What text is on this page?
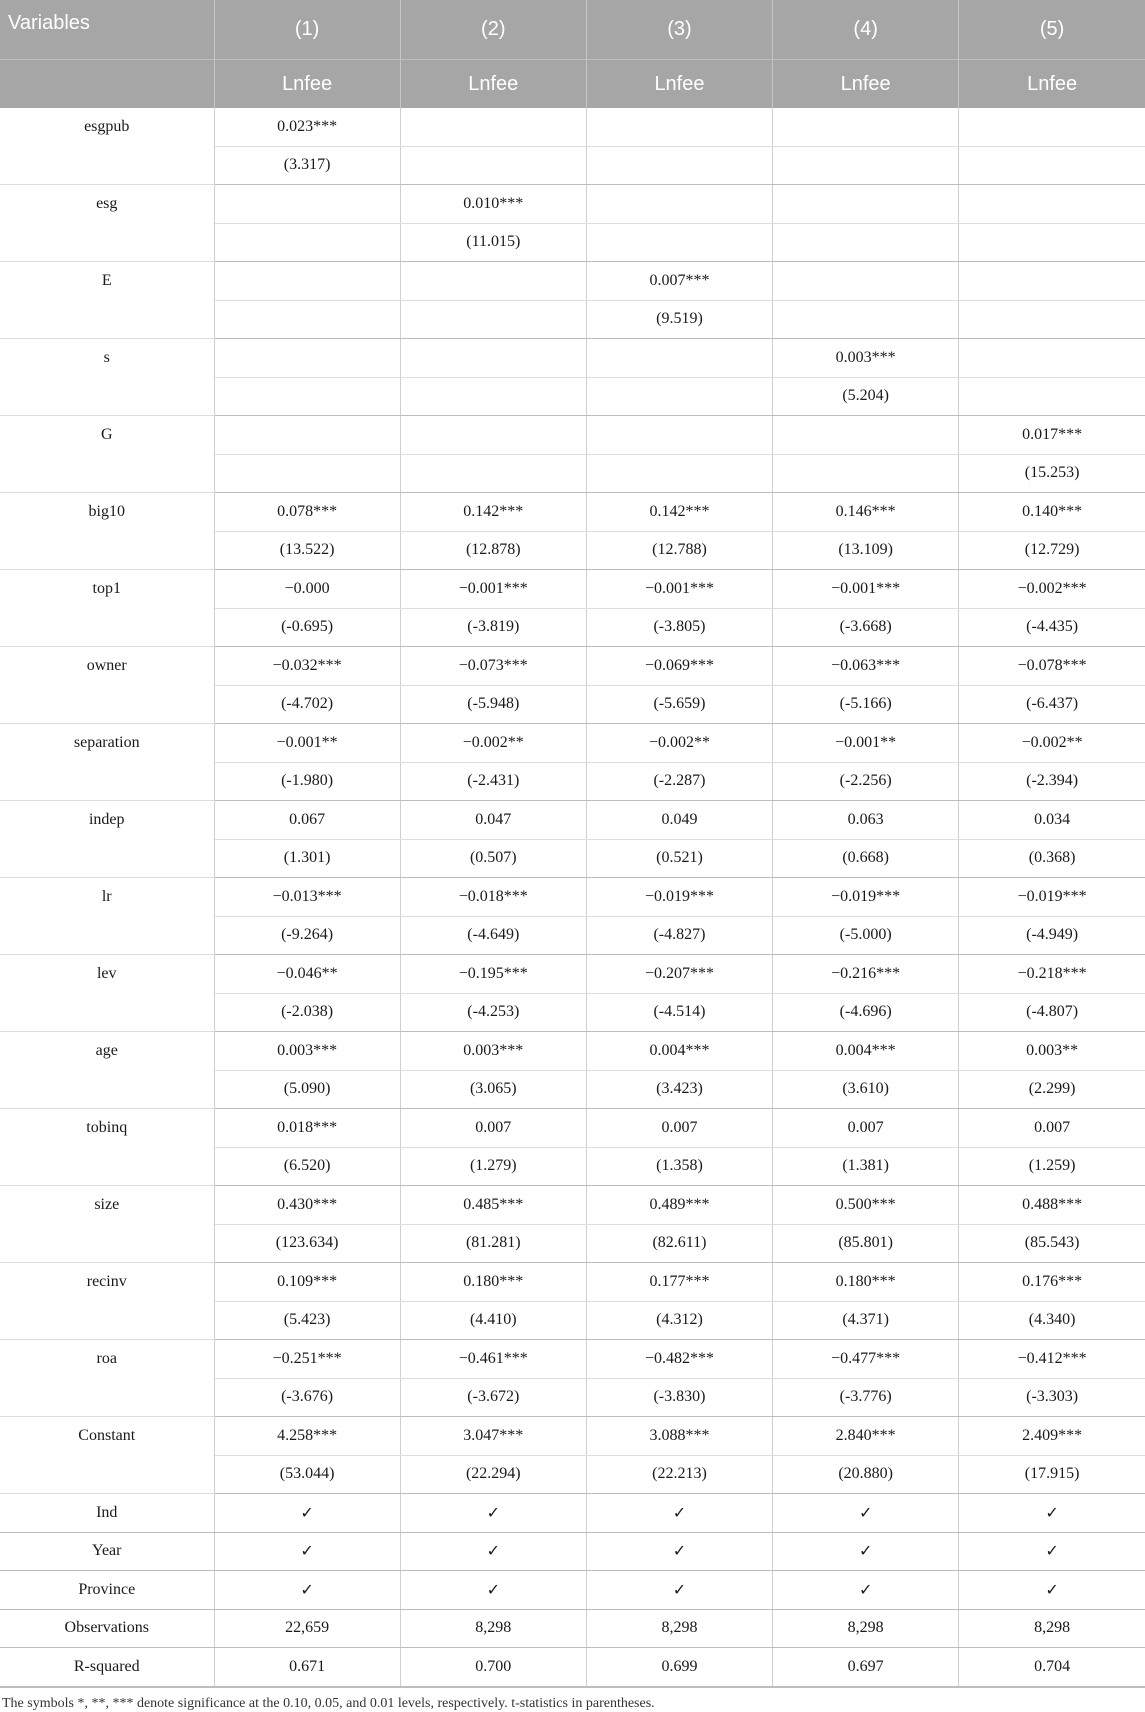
Variables	(1)	(2)	(3)	(4)	(5)
	Lnfee	Lnfee	Lnfee	Lnfee	Lnfee
esgpub	0.023***				
	(3.317)				
esg		0.010***			
		(11.015)			
E			0.007***		
			(9.519)		
s				0.003***	
				(5.204)	
G					0.017***
					(15.253)
big10	0.078***	0.142***	0.142***	0.146***	0.140***
	(13.522)	(12.878)	(12.788)	(13.109)	(12.729)
top1	−0.000	−0.001***	−0.001***	−0.001***	−0.002***
	(-0.695)	(-3.819)	(-3.805)	(-3.668)	(-4.435)
owner	−0.032***	−0.073***	−0.069***	−0.063***	−0.078***
	(-4.702)	(-5.948)	(-5.659)	(-5.166)	(-6.437)
separation	−0.001**	−0.002**	−0.002**	−0.001**	−0.002**
	(-1.980)	(-2.431)	(-2.287)	(-2.256)	(-2.394)
indep	0.067	0.047	0.049	0.063	0.034
	(1.301)	(0.507)	(0.521)	(0.668)	(0.368)
lr	−0.013***	−0.018***	−0.019***	−0.019***	−0.019***
	(-9.264)	(-4.649)	(-4.827)	(-5.000)	(-4.949)
lev	−0.046**	−0.195***	−0.207***	−0.216***	−0.218***
	(-2.038)	(-4.253)	(-4.514)	(-4.696)	(-4.807)
age	0.003***	0.003***	0.004***	0.004***	0.003**
	(5.090)	(3.065)	(3.423)	(3.610)	(2.299)
tobinq	0.018***	0.007	0.007	0.007	0.007
	(6.520)	(1.279)	(1.358)	(1.381)	(1.259)
size	0.430***	0.485***	0.489***	0.500***	0.488***
	(123.634)	(81.281)	(82.611)	(85.801)	(85.543)
recinv	0.109***	0.180***	0.177***	0.180***	0.176***
	(5.423)	(4.410)	(4.312)	(4.371)	(4.340)
roa	−0.251***	−0.461***	−0.482***	−0.477***	−0.412***
	(-3.676)	(-3.672)	(-3.830)	(-3.776)	(-3.303)
Constant	4.258***	3.047***	3.088***	2.840***	2.409***
	(53.044)	(22.294)	(22.213)	(20.880)	(17.915)
Ind	✓	✓	✓	✓	✓
Year	✓	✓	✓	✓	✓
Province	✓	✓	✓	✓	✓
Observations	22,659	8,298	8,298	8,298	8,298
R-squared	0.671	0.700	0.699	0.697	0.704
The symbols *, **, *** denote significance at the 0.10, 0.05, and 0.01 levels, respectively. t-statistics in parentheses.
